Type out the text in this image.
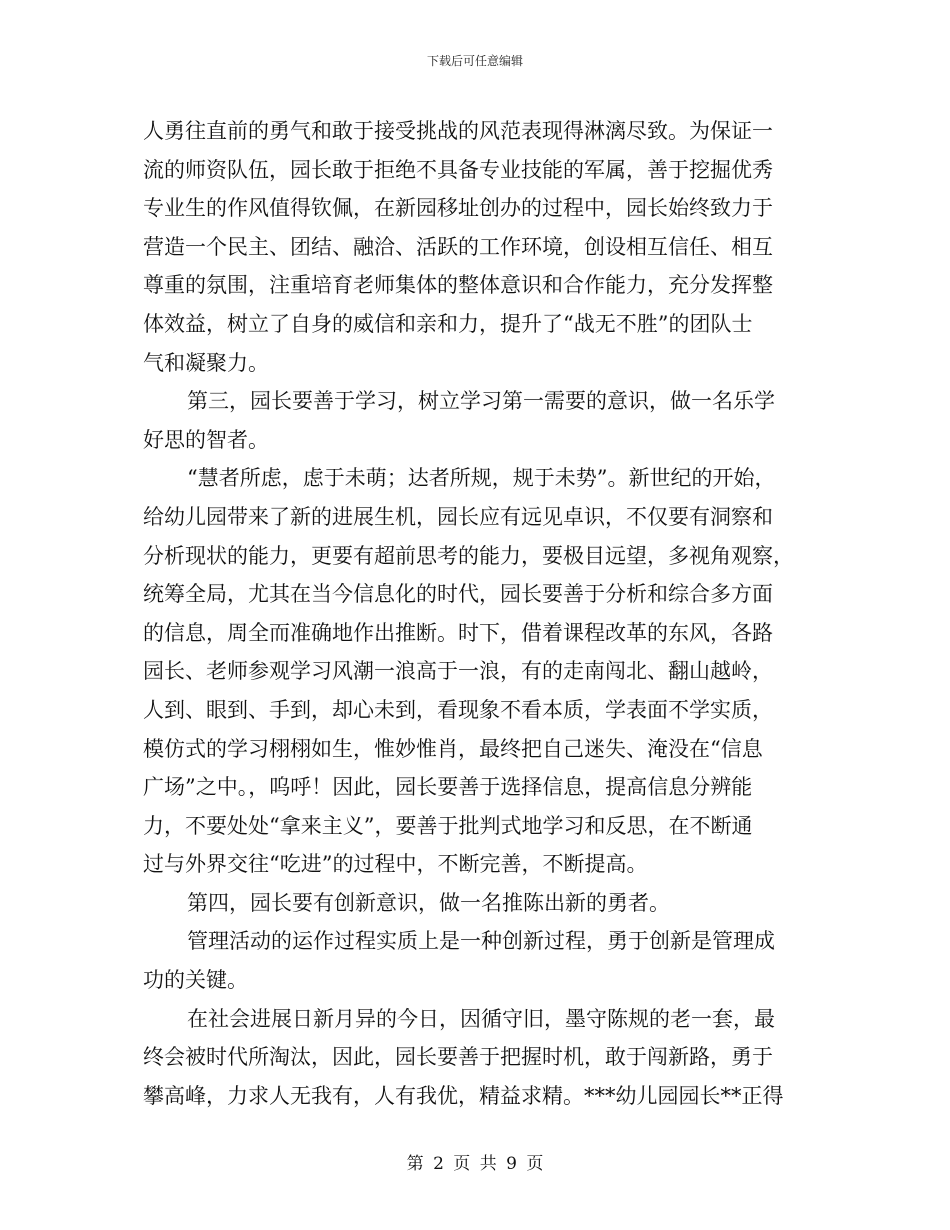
下载后可任意编辑
人勇往直前的勇气和敢于接受挑战的风范表现得淋漓尽致。为保证一
流的师资队伍，园长敢于拒绝不具备专业技能的军属，善于挖掘优秀
专业生的作风值得钦佩，在新园移址创办的过程中，园长始终致力于
营造一个民主、团结、融洽、活跃的工作环境，创设相互信任、相互
尊重的氛围，注重培育老师集体的整体意识和合作能力，充分发挥整
体效益，树立了自身的威信和亲和力，提升了“战无不胜”的团队士
气和凝聚力。
第三，园长要善于学习，树立学习第一需要的意识，做一名乐学
好思的智者。
“慧者所虑，虑于未萌；达者所规，规于未势”。新世纪的开始，
给幼儿园带来了新的进展生机，园长应有远见卓识，不仅要有洞察和
分析现状的能力，更要有超前思考的能力，要极目远望，多视角观察，
统筹全局，尤其在当今信息化的时代，园长要善于分析和综合多方面
的信息，周全而准确地作出推断。时下，借着课程改革的东风，各路
园长、老师参观学习风潮一浪高于一浪，有的走南闯北、翻山越岭，
人到、眼到、手到，却心未到，看现象不看本质，学表面不学实质，
模仿式的学习栩栩如生，惟妙惟肖，最终把自己迷失、淹没在“信息
广场”之中。，呜呼！因此，园长要善于选择信息，提高信息分辨能
力，不要处处“拿来主义”，要善于批判式地学习和反思，在不断通
过与外界交往“吃进”的过程中，不断完善，不断提高。
第四，园长要有创新意识，做一名推陈出新的勇者。
管理活动的运作过程实质上是一种创新过程，勇于创新是管理成
功的关键。
在社会进展日新月异的今日，因循守旧，墨守陈规的老一套，最
终会被时代所淘汰，因此，园长要善于把握时机，敢于闯新路，勇于
攀高峰，力求人无我有，人有我优，精益求精。***幼儿园园长**正得
第 2 页 共 9 页
